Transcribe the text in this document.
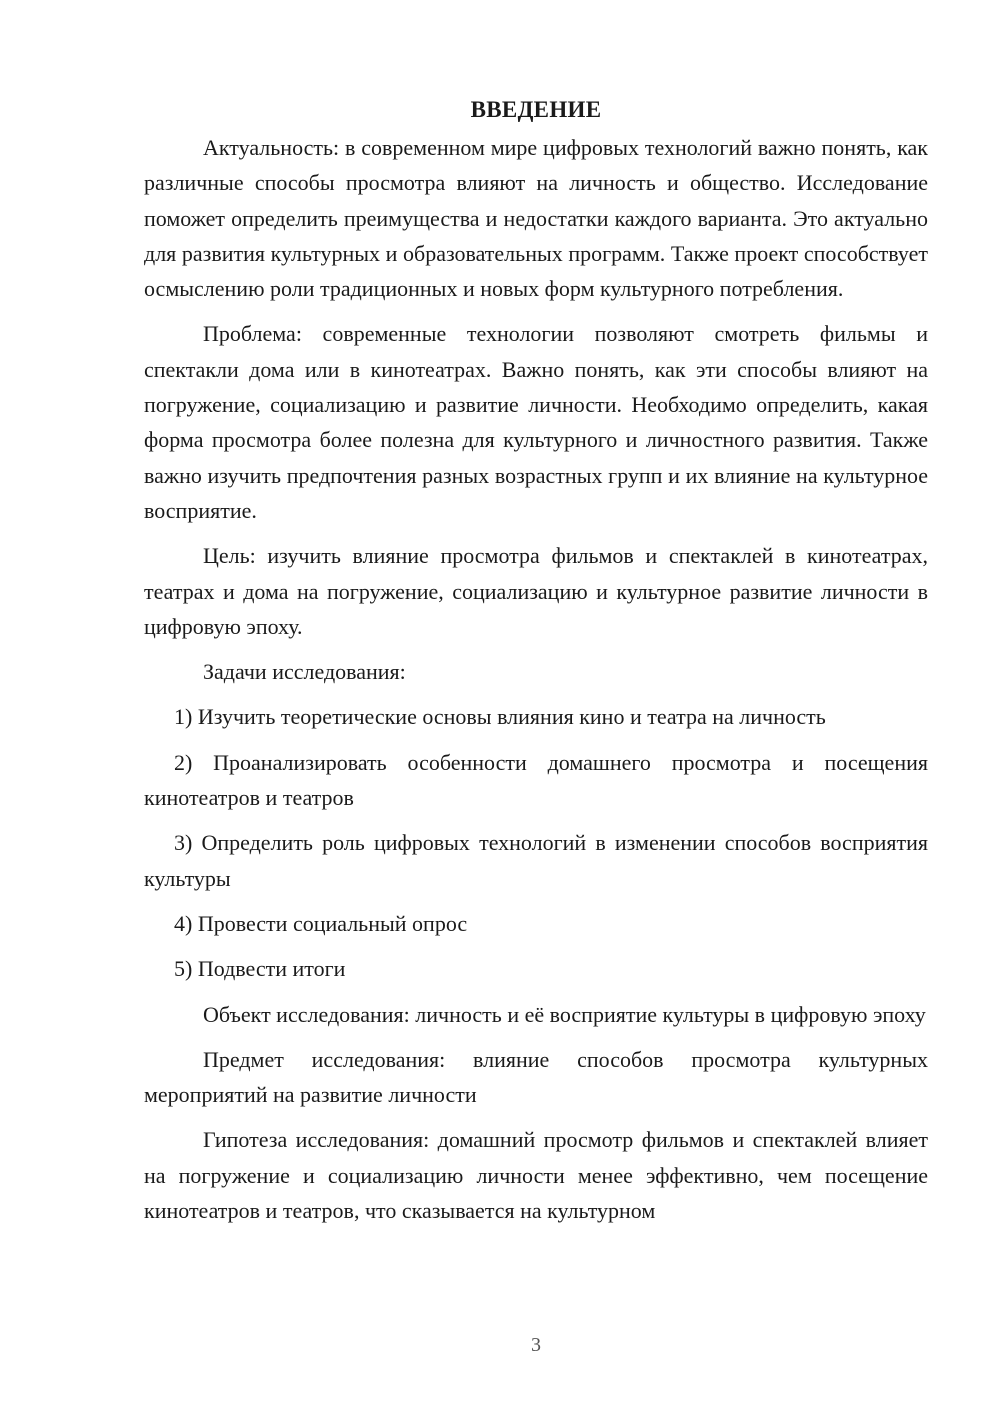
ВВЕДЕНИЕ

Актуальность: в современном мире цифровых технологий важно понять, как различные способы просмотра влияют на личность и общество. Исследование поможет определить преимущества и недостатки каждого варианта. Это актуально для развития культурных и образовательных программ. Также проект способствует осмыслению роли традиционных и новых форм культурного потребления.

Проблема: современные технологии позволяют смотреть фильмы и спектакли дома или в кинотеатрах. Важно понять, как эти способы влияют на погружение, социализацию и развитие личности. Необходимо определить, какая форма просмотра более полезна для культурного и личностного развития. Также важно изучить предпочтения разных возрастных групп и их влияние на культурное восприятие.

Цель: изучить влияние просмотра фильмов и спектаклей в кинотеатрах, театрах и дома на погружение, социализацию и культурное развитие личности в цифровую эпоху.

Задачи исследования:

1) Изучить теоретические основы влияния кино и театра на личность

2) Проанализировать особенности домашнего просмотра и посещения кинотеатров и театров

3) Определить роль цифровых технологий в изменении способов восприятия культуры

4) Провести социальный опрос

5) Подвести итоги

Объект исследования: личность и её восприятие культуры в цифровую эпоху

Предмет исследования: влияние способов просмотра культурных мероприятий на развитие личности

Гипотеза исследования: домашний просмотр фильмов и спектаклей влияет на погружение и социализацию личности менее эффективно, чем посещение кинотеатров и театров, что сказывается на культурном

3
